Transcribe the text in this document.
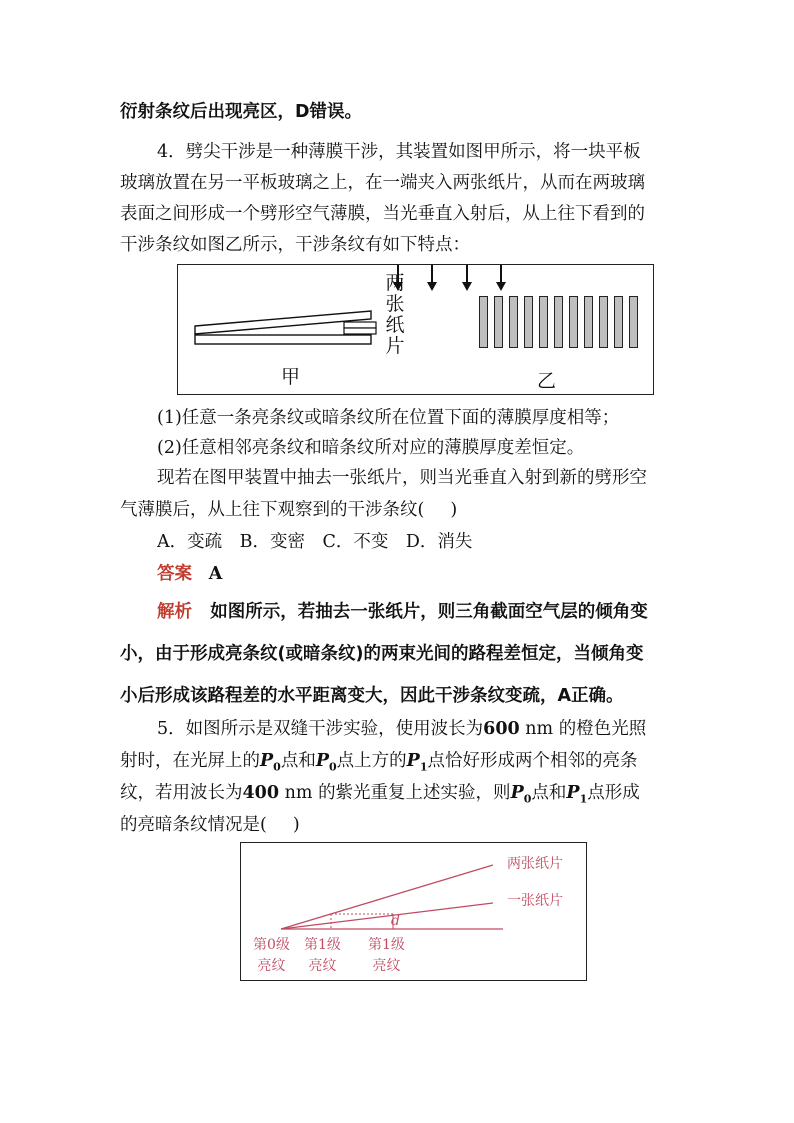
衍射条纹后出现亮区，D错误。
4．劈尖干涉是一种薄膜干涉，其装置如图甲所示，将一块平板
玻璃放置在另一平板玻璃之上，在一端夹入两张纸片，从而在两玻璃
表面之间形成一个劈形空气薄膜，当光垂直入射后，从上往下看到的
干涉条纹如图乙所示，干涉条纹有如下特点：
两
张
纸
片
甲	乙
(1)任意一条亮条纹或暗条纹所在位置下面的薄膜厚度相等；
(2)任意相邻亮条纹和暗条纹所对应的薄膜厚度差恒定。
现若在图甲装置中抽去一张纸片，则当光垂直入射到新的劈形空
气薄膜后，从上往下观察到的干涉条纹( )
A．变疏　B．变密　C．不变　D．消失
答案 A
解析 如图所示，若抽去一张纸片，则三角截面空气层的倾角变
小，由于形成亮条纹(或暗条纹)的两束光间的路程差恒定，当倾角变
小后形成该路程差的水平距离变大，因此干涉条纹变疏，A正确。
5．如图所示是双缝干涉实验，使用波长为600 nm 的橙色光照
射时，在光屏上的$P_0$点和$P_0$点上方的$P_1$点恰好形成两个相邻的亮条
纹，若用波长为400 nm 的紫光重复上述实验，则$P_0$点和$P_1$点形成
的亮暗条纹情况是( )
两张纸片
一张纸片
d
第0级
亮纹
第1级
亮纹
第1级
亮纹
